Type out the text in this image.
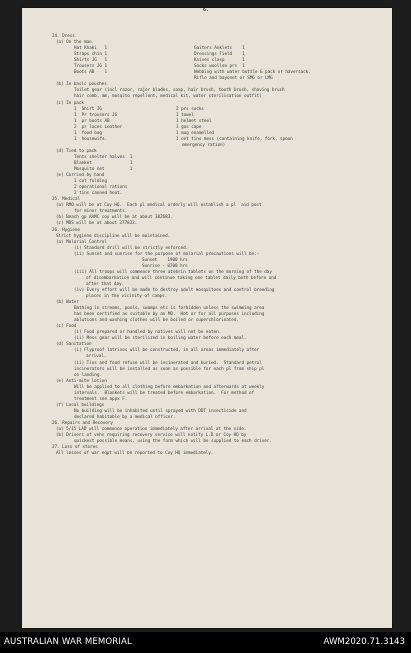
6.
24. Dress
(a) On the man.
Hat Khaki   1	Gaiters Anklets    1
Straps chin 1	Dressings Field    1
Shirts JG   1	Knives clasp       1
Trousers JG 1	Socks woollen prs  1
Boots AB    1	Webbing with water bottle & pack or haversack.
Rifle and bayonet or SMG or LMG
(b) In basic pouches
Toilet gear (incl razor, rajor blades, soap, hair brush, tooth brush, shaving brush
hair comb, mm, mosqito repellent, medical kit, water sterilisation outfit)
(c) In pack
1  Shirt JG	2 prs socks
1  Pr trousers JG	1 towel
1  pr boots AB	1 helmet steel
2  pr laces Leather	1 gas cape
1  food bag	1 mug enamelled
1  housewife.	1 ent tins mess (containing knife, fork, spoon
emergency ration)
(d) Tied to pack
Tents shelter halves  1
Blanket               1
Mosquito net          1
(e) Carried by hand
1 cot folding
2 operational rations
2 tins canned heat.
25. Medical
(a) RMO will be at Coy HQ.  Each pl medical orderly will establish a pl  aid post
for minor treatments.
(b) Beach gp AAMC coy will be at about 382683.
(c) MDS will be at about 377833.
26. Hygiene
Strict hygiene discipline will be maintained.
(a) Malarial Control
(i) Standard drill will be strictly enforced.
(ii) Sunset and sunrise for the purpose of malarial precautions will be:-
Sunset    1900 hrs
Sunrise - 0700 hrs
(iii) All troops will commence three atebrin tablets on the morning of the day
of disembarkation and will continue taking one tablet daily both before and
after that day.
(iv) Every effort will be made to destroy adult mosquitoes and control breeding
places in the vicinity of camps.
(b) Water
Bathing in streams, pools, swamps etc is forbidden unless the swimming area
has been certified as suitable by an MO.  Hot or for all purposes including
ablutions and washing clothes will be boiled or superchlorinated.
(c) Food
(i) Food prepared or handled by natives will not be eaten.
(ii) Mess gear will be sterilized in boiling water before each meal.
(d) Sanitation
(i) Flyproof latrines will be constructed, in all areas immediately after
arrival.
(ii) Tins and food refuse will be incinerated and buried.  Standard petrol
incinerators will be installed as soon as possible for each pl from ship pl
on landing.
(e) Anti-mite lotion
Will be applied to all clothing before embarkation and afterwards at weekly
intervals.  Blankets will be treated before embarkation.  For method of
treatment see appx F.
(f) Local buildings
No building will be inhabited until sprayed with DDT insecticide and
declared habitable by a medical officer.
26. Repairs and Recovery
(a) 5/15 LAD will commence operation immediately after arrival at the side.
(b) Drivers of vehs requiring recovery service will notify L.D or Coy HQ by
quickest possible means, using the form which will be supplied to each driver.
27. Loss of stores
All losses of war eqpt will be reported to Coy HQ immediately.
AUSTRALIAN WAR MEMORIAL	AWM2020.71.3143
